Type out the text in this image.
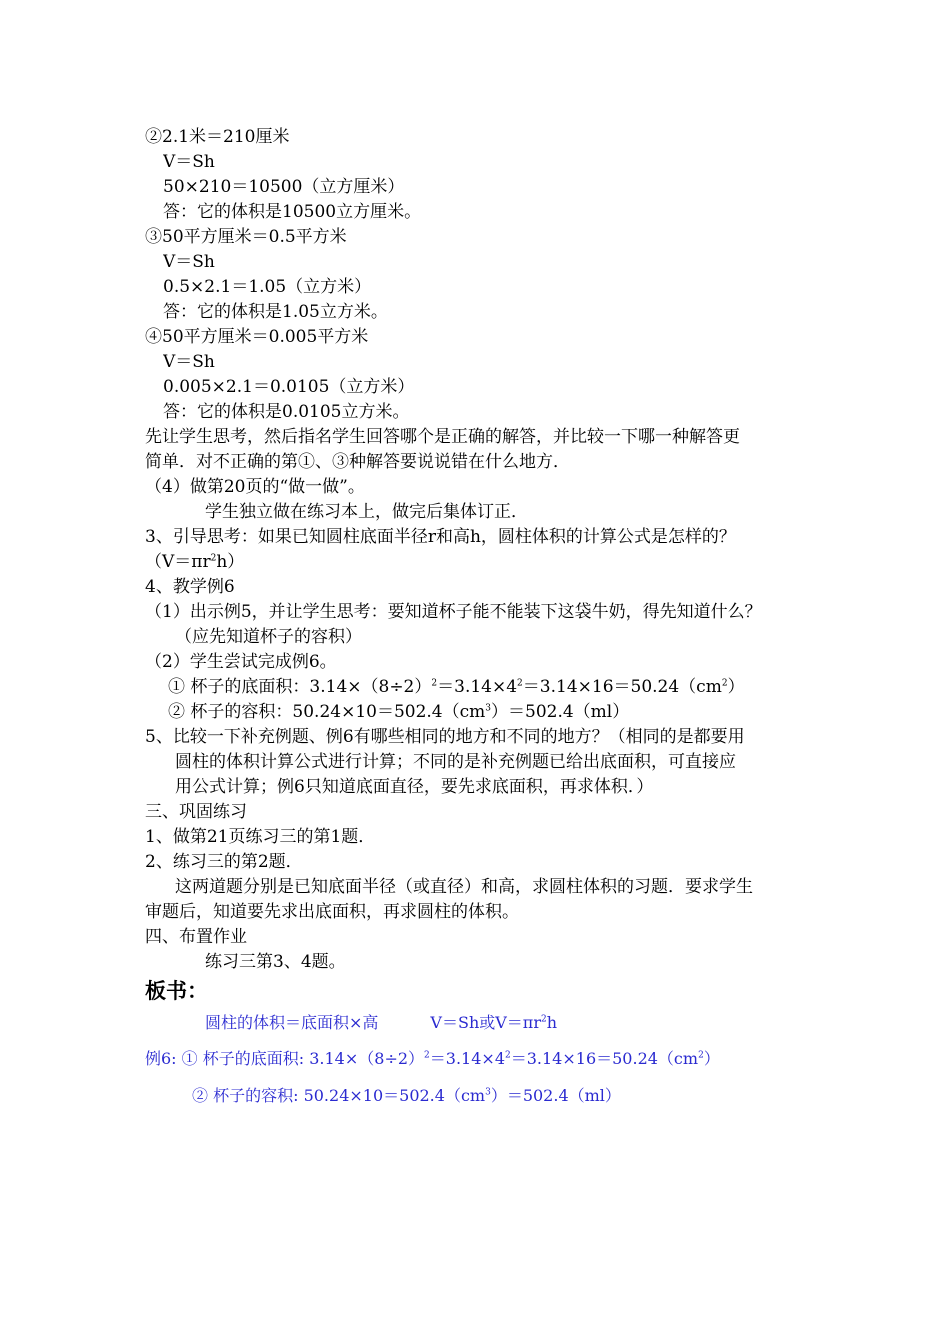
②2.1米＝210厘米
V＝Sh
50×210＝10500（立方厘米）
答：它的体积是10500立方厘米。
③50平方厘米＝0.5平方米
V＝Sh
0.5×2.1＝1.05（立方米）
答：它的体积是1.05立方米。
④50平方厘米＝0.005平方米
V＝Sh
0.005×2.1＝0.0105（立方米）
答：它的体积是0.0105立方米。
先让学生思考，然后指名学生回答哪个是正确的解答，并比较一下哪一种解答更
简单．对不正确的第①、③种解答要说说错在什么地方．
（4）做第20页的“做一做”。
学生独立做在练习本上，做完后集体订正．
3、引导思考：如果已知圆柱底面半径r和高h，圆柱体积的计算公式是怎样的？
$(V=\pi r^2h)$
4、教学例6
（1）出示例5，并让学生思考：要知道杯子能不能装下这袋牛奶，得先知道什么？
（应先知道杯子的容积）
（2）学生尝试完成例6。
① 杯子的底面积：$3.14\times(8\div 2)^2=3.14\times 4^2=3.14\times 16=50.24(cm^2)$
② 杯子的容积：$50.24\times 10=502.4(cm^3)=502.4(ml)$
5、比较一下补充例题、例6有哪些相同的地方和不同的地方？（相同的是都要用
圆柱的体积计算公式进行计算；不同的是补充例题已给出底面积，可直接应
用公式计算；例6只知道底面直径，要先求底面积，再求体积．）
三、巩固练习
1、做第21页练习三的第1题．
2、练习三的第2题．
这两道题分别是已知底面半径（或直径）和高，求圆柱体积的习题．要求学生
审题后，知道要先求出底面积，再求圆柱的体积。
四、布置作业
练习三第3、4题。
板书：
圆柱的体积＝底面积×高	V＝Sh或$V=\pi r^2h$
例6: ① 杯子的底面积: $3.14\times(8\div 2)^2=3.14\times 4^2=3.14\times 16=50.24(cm^2)$
② 杯子的容积: $50.24\times 10=502.4(cm^3)=502.4(ml)$
